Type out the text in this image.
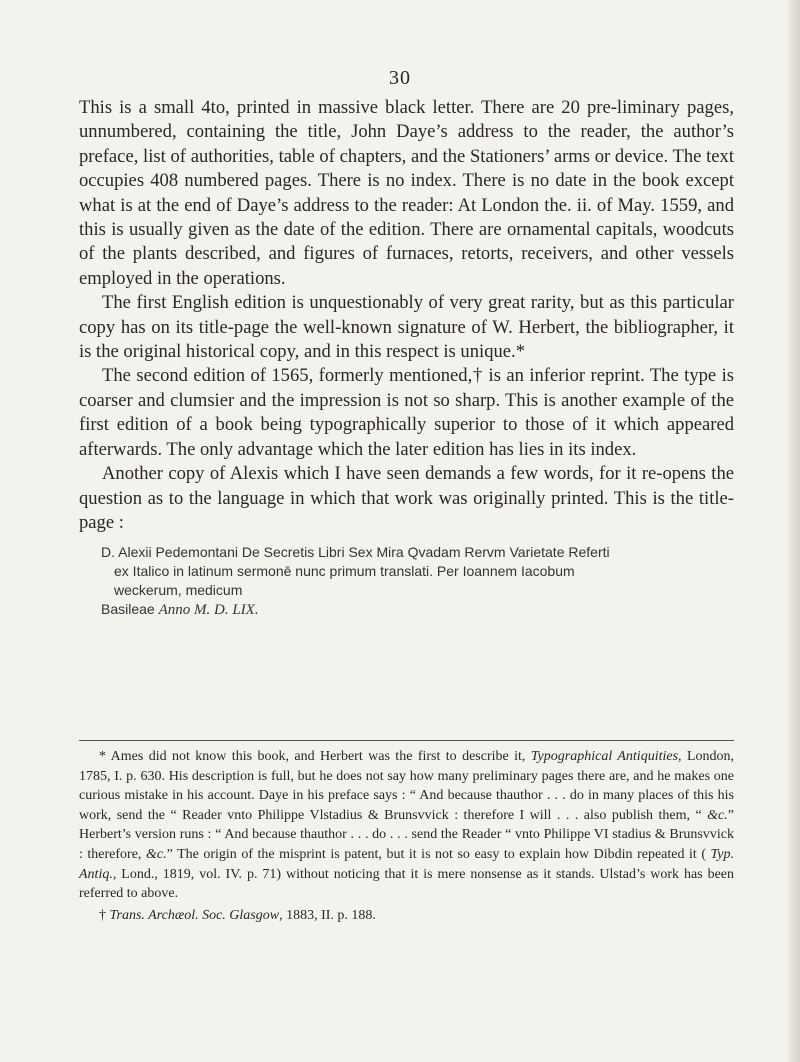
30

This is a small 4to, printed in massive black letter. There are 20 pre-liminary pages, unnumbered, containing the title, John Daye’s address to the reader, the author’s preface, list of authorities, table of chapters, and the Stationers’ arms or device. The text occupies 408 numbered pages. There is no index. There is no date in the book except what is at the end of Daye’s address to the reader: At London the. ii. of May. 1559, and this is usually given as the date of the edition. There are ornamental capitals, woodcuts of the plants described, and figures of furnaces, retorts, receivers, and other vessels employed in the operations.

The first English edition is unquestionably of very great rarity, but as this particular copy has on its title-page the well-known signature of W. Herbert, the bibliographer, it is the original historical copy, and in this respect is unique.*

The second edition of 1565, formerly mentioned,† is an inferior reprint. The type is coarser and clumsier and the impression is not so sharp. This is another example of the first edition of a book being typographically superior to those of it which appeared afterwards. The only advantage which the later edition has lies in its index.

Another copy of Alexis which I have seen demands a few words, for it re-opens the question as to the language in which that work was originally printed. This is the title-page :

D. Alexii Pedemontani De Secretis Libri Sex Mira Qvadam Rervm Varietate Referti
ex Italico in latinum sermonē nunc primum translati. Per Ioannem Iacobum
weckerum, medicum
Basileae Anno M. D. LIX.

* Ames did not know this book, and Herbert was the first to describe it, Typographical Antiquities, London, 1785, I. p. 630. His description is full, but he does not say how many preliminary pages there are, and he makes one curious mistake in his account. Daye in his preface says : “ And because thauthor . . . do in many places of this his work, send the “ Reader vnto Philippe Vlstadius & Brunsvvick : therefore I will . . . also publish them, “ &c.” Herbert’s version runs : “ And because thauthor . . . do . . . send the Reader “ vnto Philippe VI stadius & Brunsvvick : therefore, &c.” The origin of the misprint is patent, but it is not so easy to explain how Dibdin repeated it ( Typ. Antiq., Lond., 1819, vol. IV. p. 71) without noticing that it is mere nonsense as it stands. Ulstad’s work has been referred to above.

† Trans. Archæol. Soc. Glasgow, 1883, II. p. 188.
